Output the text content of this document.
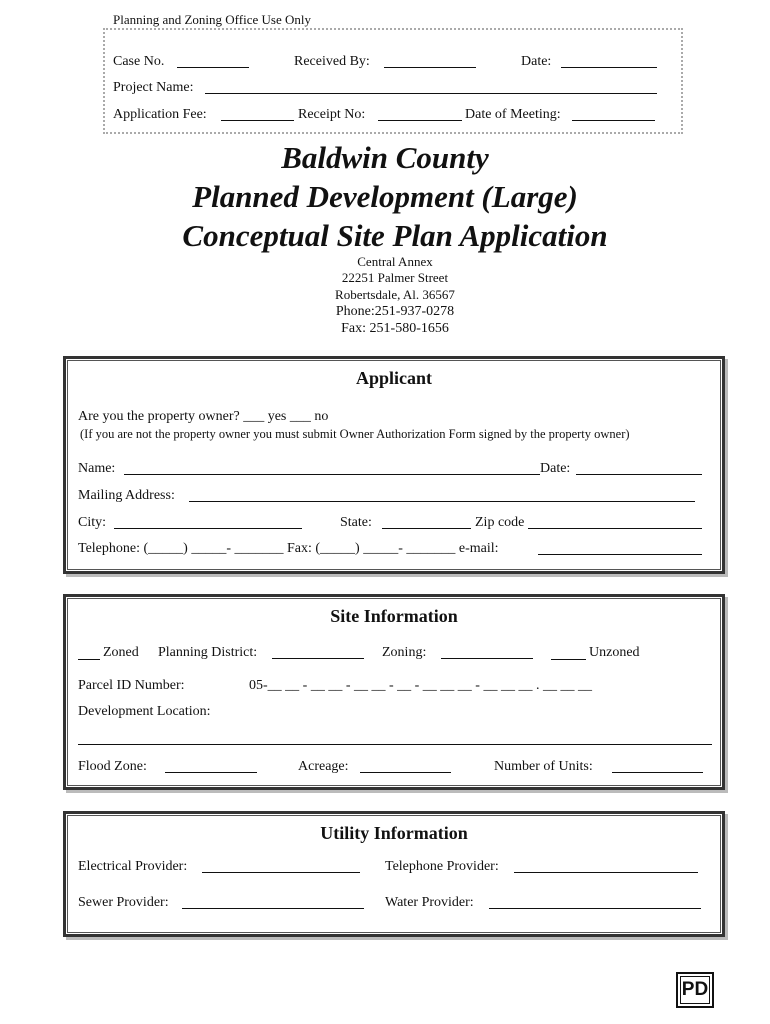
Planning and Zoning Office Use Only
Case No.	Received By:	Date:
Project Name:
Application Fee:	Receipt No:	Date of Meeting:
Baldwin County
Planned Development (Large)
Conceptual Site Plan Application
Central Annex
22251 Palmer Street
Robertsdale, Al. 36567
Phone:251-937-0278
Fax: 251-580-1656
Applicant
Are you the property owner? ___ yes ___ no
(If you are not the property owner you must submit Owner Authorization Form signed by the property owner)
Name:	Date:
Mailing Address:
City:	State:	Zip code
Telephone: (_____) _____- _______ Fax: (_____) _____- _______ e-mail:
Site Information
Zoned Planning District:	Zoning:	Unzoned
Parcel ID Number:	05-__ __ - __ __ - __ __ - __ - __ __ __ - __ __ __ . __ __ __
Development Location:
Flood Zone:	Acreage:	Number of Units:
Utility Information
Electrical Provider:	Telephone Provider:
Sewer Provider:	Water Provider:
PD
